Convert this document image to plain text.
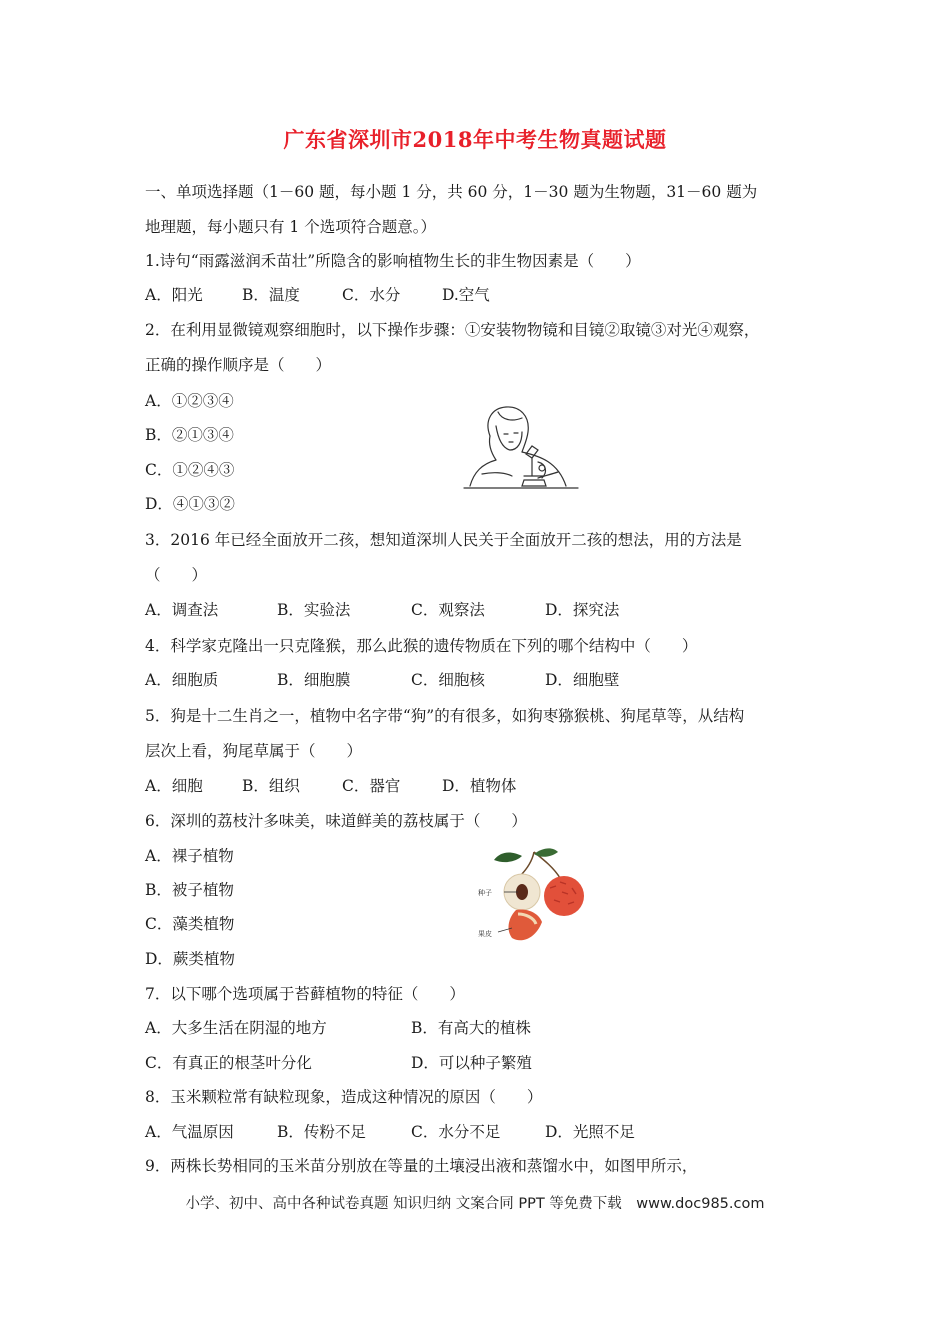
广东省深圳市2018年中考生物真题试题
一、单项选择题（1－60 题，每小题 1 分，共 60 分，1－30 题为生物题，31－60 题为
地理题，每小题只有 1 个选项符合题意。）
1.诗句“雨露滋润禾苗壮”所隐含的影响植物生长的非生物因素是（　　）
A．阳光	B．温度	C．水分	D.空气
2．在利用显微镜观察细胞时，以下操作步骤：①安装物物镜和目镜②取镜③对光④观察，
正确的操作顺序是（　　）
A．①②③④
B．②①③④
C．①②④③
D．④①③②
3．2016 年已经全面放开二孩，想知道深圳人民关于全面放开二孩的想法，用的方法是
（　　）
A．调查法	B．实验法	C．观察法	D．探究法
4．科学家克隆出一只克隆猴，那么此猴的遗传物质在下列的哪个结构中（　　）
A．细胞质	B．细胞膜	C．细胞核	D．细胞壁
5．狗是十二生肖之一，植物中名字带“狗”的有很多，如狗枣猕猴桃、狗尾草等，从结构
层次上看，狗尾草属于（　　）
A．细胞	B．组织	C．器官	D．植物体
6．深圳的荔枝汁多味美，味道鲜美的荔枝属于（　　）
A．裸子植物
B．被子植物
C．藻类植物
D．蕨类植物
种子
果皮
7．以下哪个选项属于苔藓植物的特征（　　）
A．大多生活在阴湿的地方	B．有高大的植株
C．有真正的根茎叶分化	D．可以种子繁殖
8．玉米颗粒常有缺粒现象，造成这种情况的原因（　　）
A．气温原因	B．传粉不足	C．水分不足	D．光照不足
9．两株长势相同的玉米苗分别放在等量的土壤浸出液和蒸馏水中，如图甲所示，
小学、初中、高中各种试卷真题 知识归纳 文案合同 PPT 等免费下载　www.doc985.com
